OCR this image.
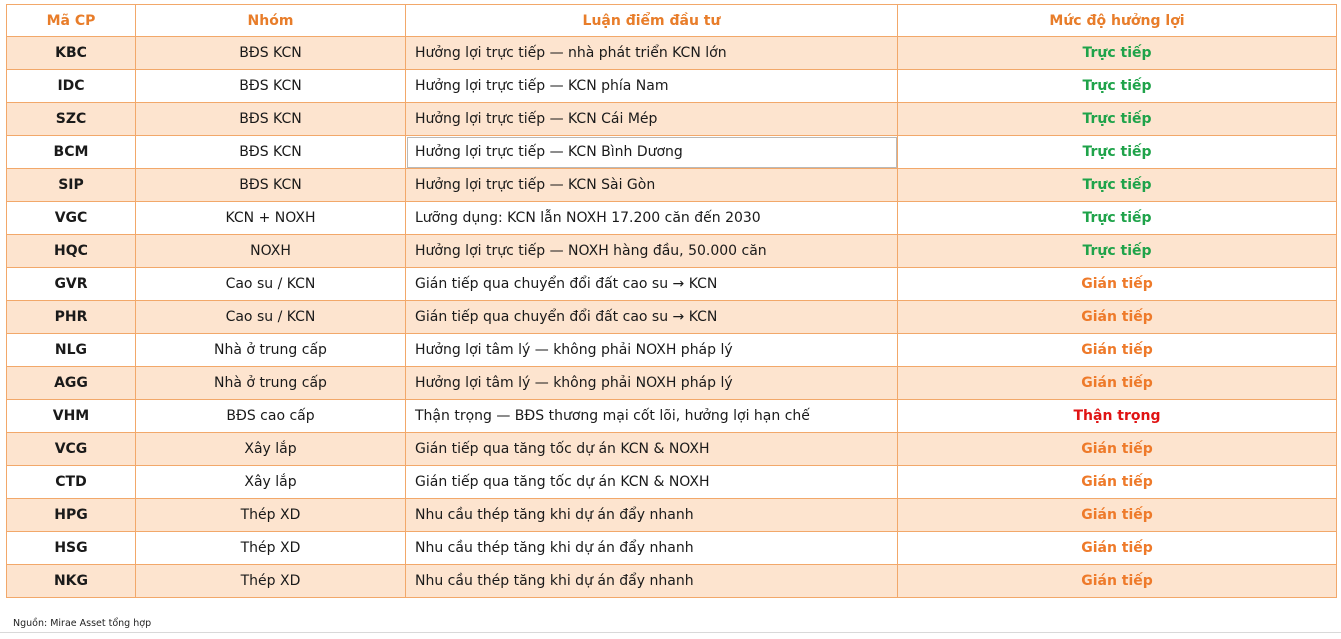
Mã CP	Nhóm	Luận điểm đầu tư	Mức độ hưởng lợi
KBC	BĐS KCN	Hưởng lợi trực tiếp — nhà phát triển KCN lớn	Trực tiếp
IDC	BĐS KCN	Hưởng lợi trực tiếp — KCN phía Nam	Trực tiếp
SZC	BĐS KCN	Hưởng lợi trực tiếp — KCN Cái Mép	Trực tiếp
BCM	BĐS KCN	Hưởng lợi trực tiếp — KCN Bình Dương	Trực tiếp
SIP	BĐS KCN	Hưởng lợi trực tiếp — KCN Sài Gòn	Trực tiếp
VGC	KCN + NOXH	Lưỡng dụng: KCN lẫn NOXH 17.200 căn đến 2030	Trực tiếp
HQC	NOXH	Hưởng lợi trực tiếp — NOXH hàng đầu, 50.000 căn	Trực tiếp
GVR	Cao su / KCN	Gián tiếp qua chuyển đổi đất cao su → KCN	Gián tiếp
PHR	Cao su / KCN	Gián tiếp qua chuyển đổi đất cao su → KCN	Gián tiếp
NLG	Nhà ở trung cấp	Hưởng lợi tâm lý — không phải NOXH pháp lý	Gián tiếp
AGG	Nhà ở trung cấp	Hưởng lợi tâm lý — không phải NOXH pháp lý	Gián tiếp
VHM	BĐS cao cấp	Thận trọng — BĐS thương mại cốt lõi, hưởng lợi hạn chế	Thận trọng
VCG	Xây lắp	Gián tiếp qua tăng tốc dự án KCN & NOXH	Gián tiếp
CTD	Xây lắp	Gián tiếp qua tăng tốc dự án KCN & NOXH	Gián tiếp
HPG	Thép XD	Nhu cầu thép tăng khi dự án đẩy nhanh	Gián tiếp
HSG	Thép XD	Nhu cầu thép tăng khi dự án đẩy nhanh	Gián tiếp
NKG	Thép XD	Nhu cầu thép tăng khi dự án đẩy nhanh	Gián tiếp
Nguồn: Mirae Asset tổng hợp
